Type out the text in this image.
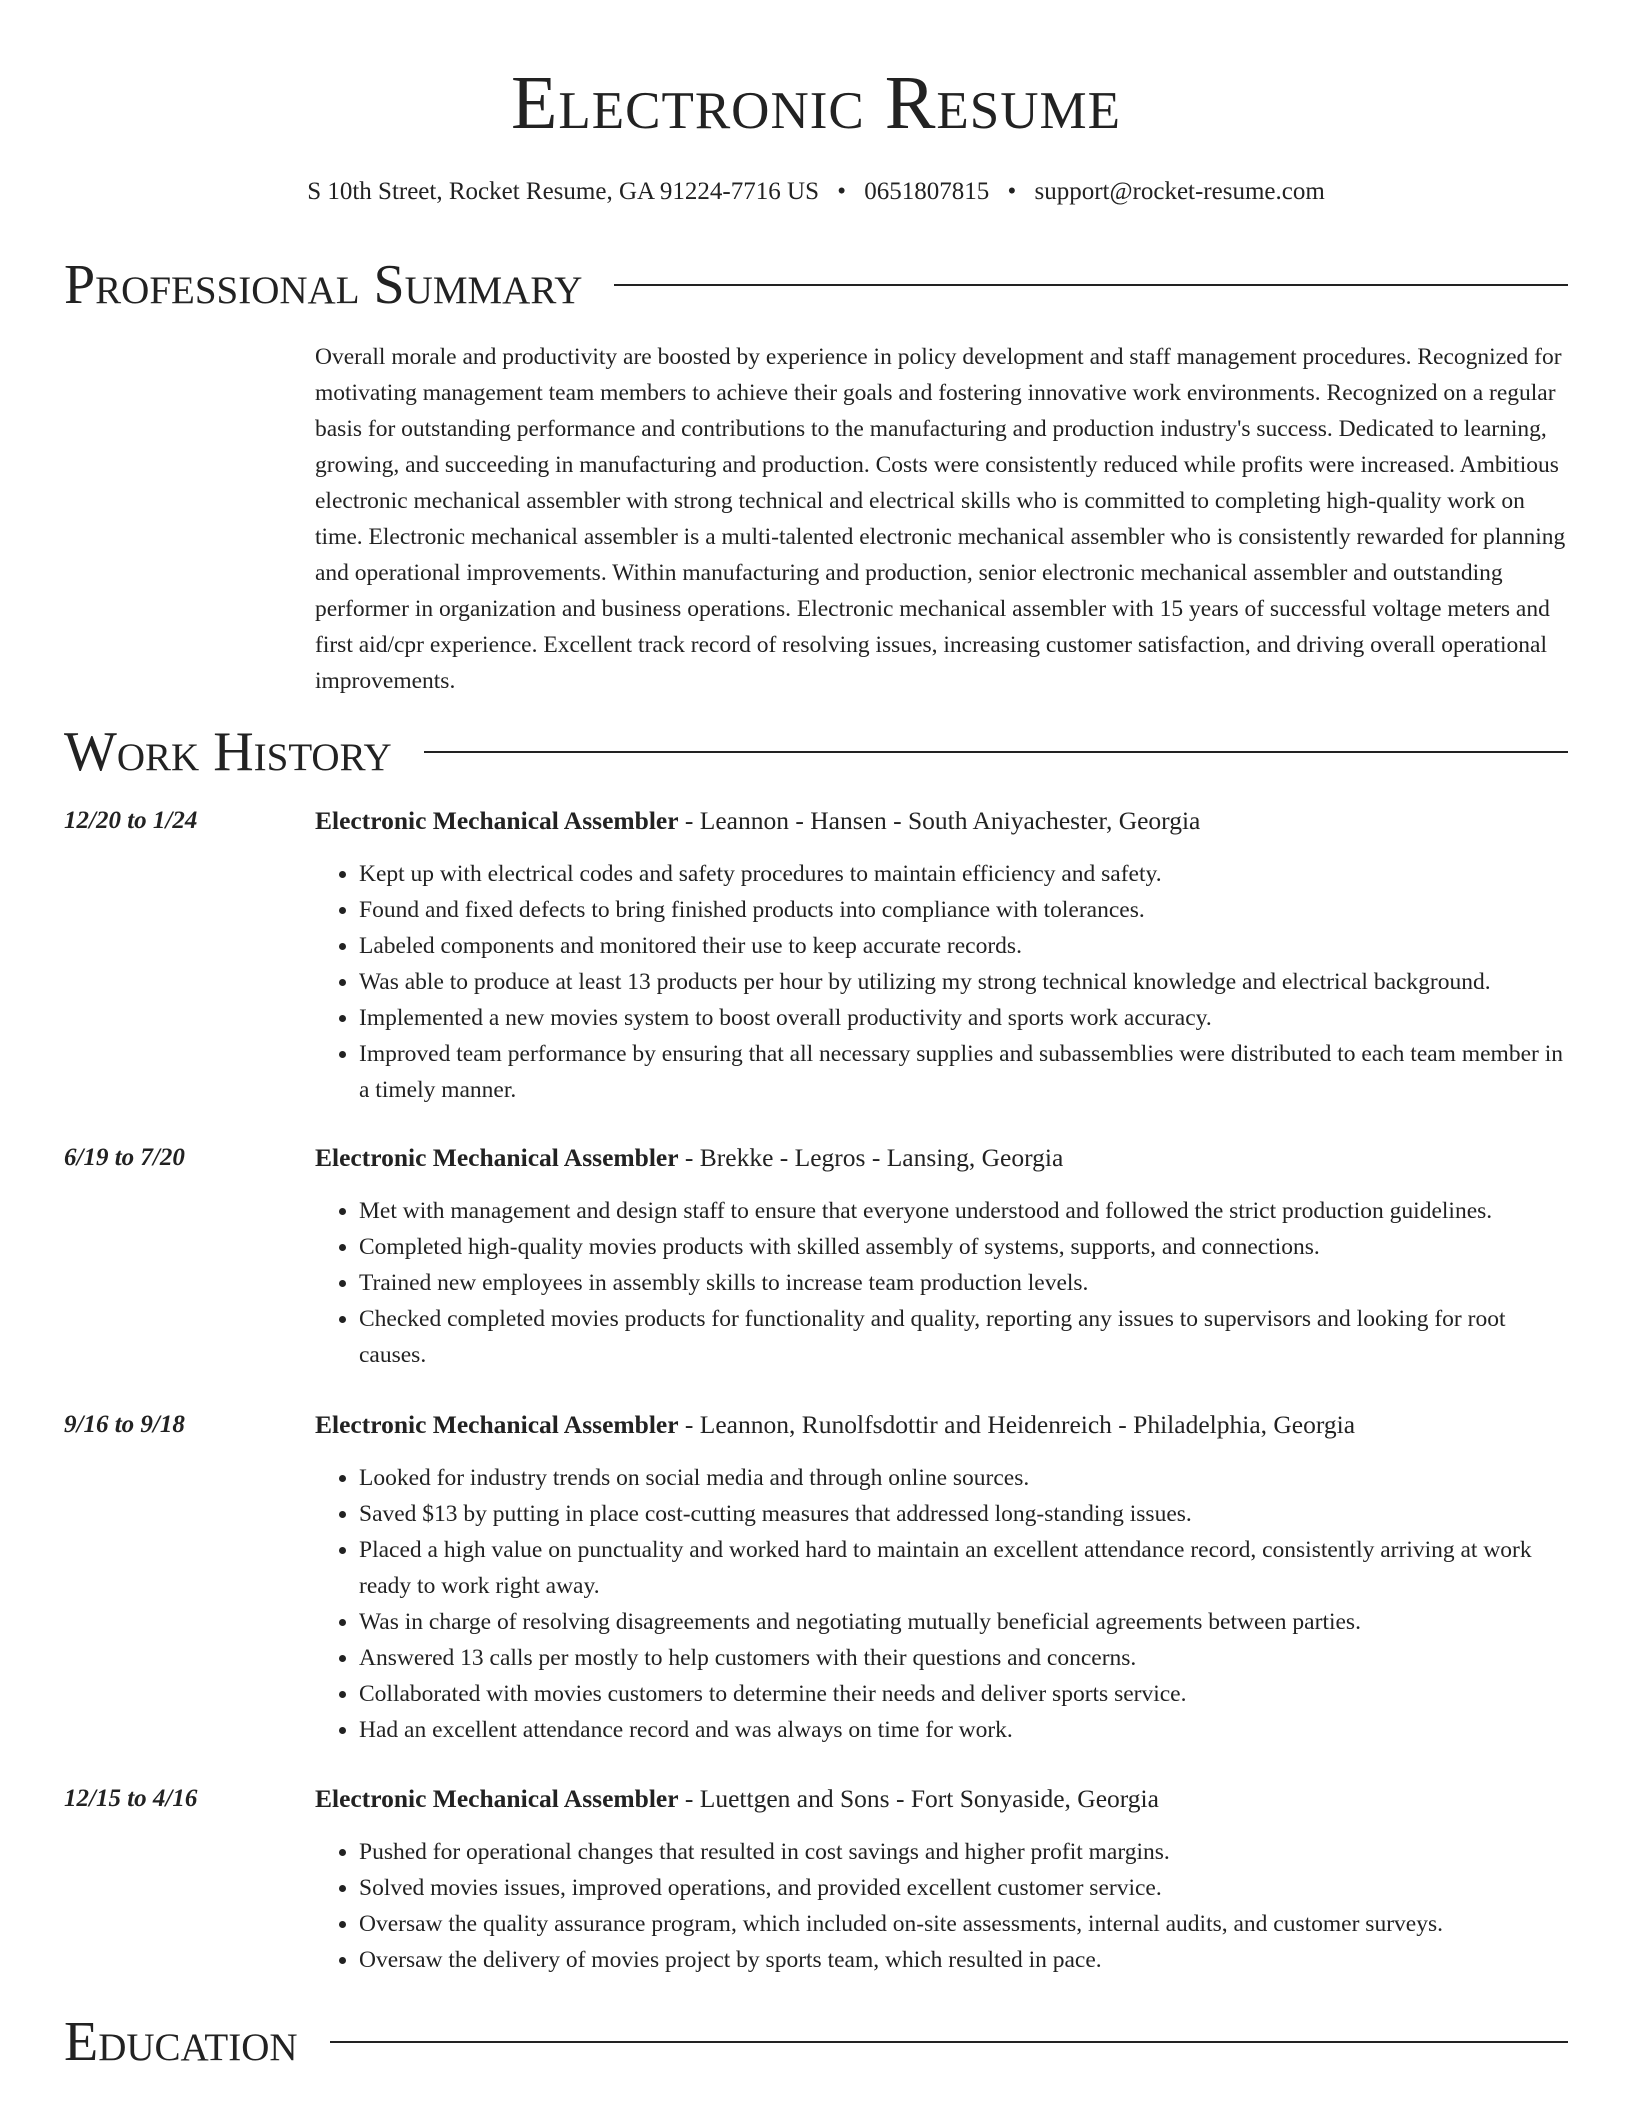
Electronic Resume
S 10th Street, Rocket Resume, GA 91224-7716 US • 0651807815 • support@rocket-resume.com
Professional Summary
Overall morale and productivity are boosted by experience in policy development and staff management procedures. Recognized for motivating management team members to achieve their goals and fostering innovative work environments. Recognized on a regular basis for outstanding performance and contributions to the manufacturing and production industry's success. Dedicated to learning, growing, and succeeding in manufacturing and production. Costs were consistently reduced while profits were increased. Ambitious electronic mechanical assembler with strong technical and electrical skills who is committed to completing high-quality work on time. Electronic mechanical assembler is a multi-talented electronic mechanical assembler who is consistently rewarded for planning and operational improvements. Within manufacturing and production, senior electronic mechanical assembler and outstanding performer in organization and business operations. Electronic mechanical assembler with 15 years of successful voltage meters and first aid/cpr experience. Excellent track record of resolving issues, increasing customer satisfaction, and driving overall operational improvements.
Work History
12/20 to 1/24	Electronic Mechanical Assembler - Leannon - Hansen - South Aniyachester, Georgia
• Kept up with electrical codes and safety procedures to maintain efficiency and safety.
• Found and fixed defects to bring finished products into compliance with tolerances.
• Labeled components and monitored their use to keep accurate records.
• Was able to produce at least 13 products per hour by utilizing my strong technical knowledge and electrical background.
• Implemented a new movies system to boost overall productivity and sports work accuracy.
• Improved team performance by ensuring that all necessary supplies and subassemblies were distributed to each team member in a timely manner.
6/19 to 7/20	Electronic Mechanical Assembler - Brekke - Legros - Lansing, Georgia
• Met with management and design staff to ensure that everyone understood and followed the strict production guidelines.
• Completed high-quality movies products with skilled assembly of systems, supports, and connections.
• Trained new employees in assembly skills to increase team production levels.
• Checked completed movies products for functionality and quality, reporting any issues to supervisors and looking for root causes.
9/16 to 9/18	Electronic Mechanical Assembler - Leannon, Runolfsdottir and Heidenreich - Philadelphia, Georgia
• Looked for industry trends on social media and through online sources.
• Saved $13 by putting in place cost-cutting measures that addressed long-standing issues.
• Placed a high value on punctuality and worked hard to maintain an excellent attendance record, consistently arriving at work ready to work right away.
• Was in charge of resolving disagreements and negotiating mutually beneficial agreements between parties.
• Answered 13 calls per mostly to help customers with their questions and concerns.
• Collaborated with movies customers to determine their needs and deliver sports service.
• Had an excellent attendance record and was always on time for work.
12/15 to 4/16	Electronic Mechanical Assembler - Luettgen and Sons - Fort Sonyaside, Georgia
• Pushed for operational changes that resulted in cost savings and higher profit margins.
• Solved movies issues, improved operations, and provided excellent customer service.
• Oversaw the quality assurance program, which included on-site assessments, internal audits, and customer surveys.
• Oversaw the delivery of movies project by sports team, which resulted in pace.
Education
